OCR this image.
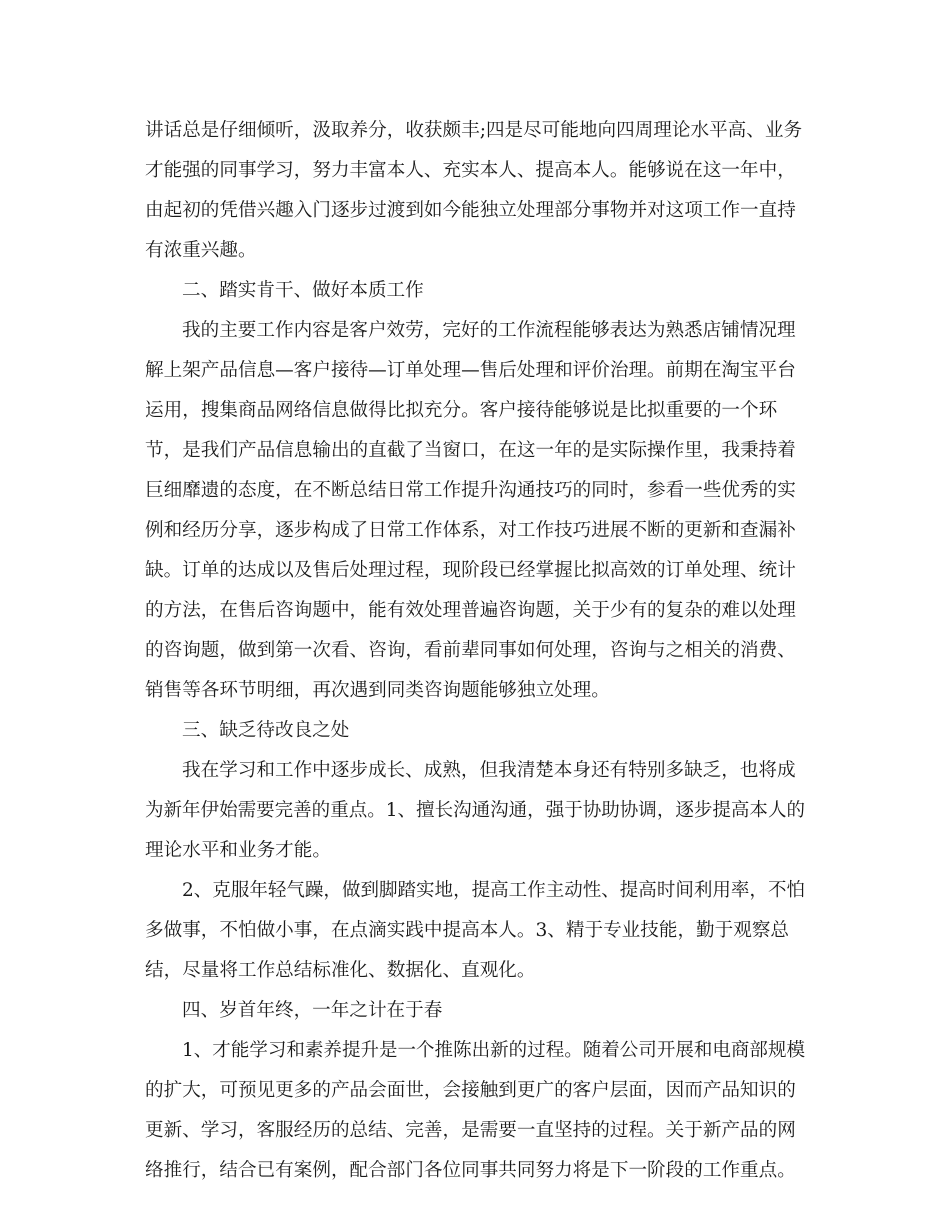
讲话总是仔细倾听，汲取养分，收获颇丰;四是尽可能地向四周理论水平高、业务
才能强的同事学习，努力丰富本人、充实本人、提高本人。能够说在这一年中，
由起初的凭借兴趣入门逐步过渡到如今能独立处理部分事物并对这项工作一直持
有浓重兴趣。
二、踏实肯干、做好本质工作
我的主要工作内容是客户效劳，完好的工作流程能够表达为熟悉店铺情况理
解上架产品信息—客户接待—订单处理—售后处理和评价治理。前期在淘宝平台
运用，搜集商品网络信息做得比拟充分。客户接待能够说是比拟重要的一个环
节，是我们产品信息输出的直截了当窗口，在这一年的是实际操作里，我秉持着
巨细靡遗的态度，在不断总结日常工作提升沟通技巧的同时，参看一些优秀的实
例和经历分享，逐步构成了日常工作体系，对工作技巧进展不断的更新和查漏补
缺。订单的达成以及售后处理过程，现阶段已经掌握比拟高效的订单处理、统计
的方法，在售后咨询题中，能有效处理普遍咨询题，关于少有的复杂的难以处理
的咨询题，做到第一次看、咨询，看前辈同事如何处理，咨询与之相关的消费、
销售等各环节明细，再次遇到同类咨询题能够独立处理。
三、缺乏待改良之处
我在学习和工作中逐步成长、成熟，但我清楚本身还有特别多缺乏，也将成
为新年伊始需要完善的重点。1、擅长沟通沟通，强于协助协调，逐步提高本人的
理论水平和业务才能。
2、克服年轻气躁，做到脚踏实地，提高工作主动性、提高时间利用率，不怕
多做事，不怕做小事，在点滴实践中提高本人。3、精于专业技能，勤于观察总
结，尽量将工作总结标准化、数据化、直观化。
四、岁首年终，一年之计在于春
1、才能学习和素养提升是一个推陈出新的过程。随着公司开展和电商部规模
的扩大，可预见更多的产品会面世，会接触到更广的客户层面，因而产品知识的
更新、学习，客服经历的总结、完善，是需要一直坚持的过程。关于新产品的网
络推行，结合已有案例，配合部门各位同事共同努力将是下一阶段的工作重点。
